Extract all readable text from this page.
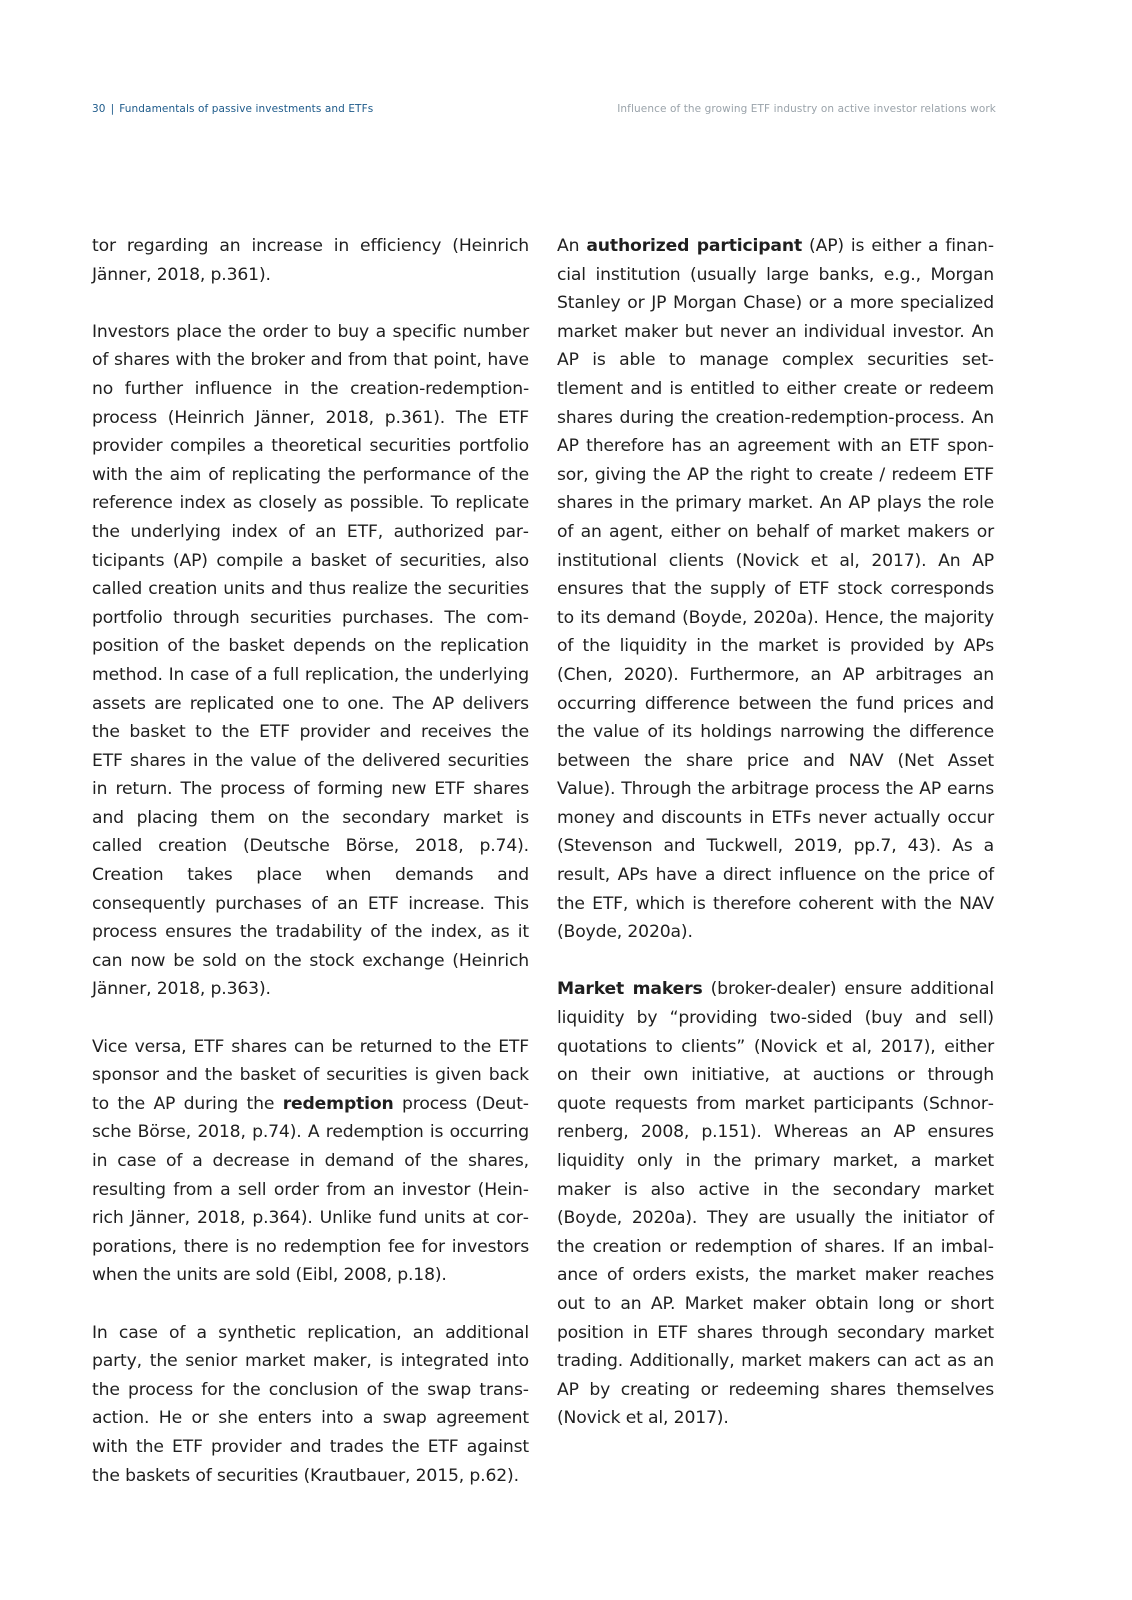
30 | Fundamentals of passive investments and ETFs	Influence of the growing ETF industry on active investor relations work

tor regarding an increase in efficiency (Heinrich Jänner, 2018, p.361).

Investors place the order to buy a specific number of shares with the broker and from that point, have no further influence in the creation-redemption-process (Heinrich Jänner, 2018, p.361). The ETF provider compiles a theoretical securities portfolio with the aim of replicating the performance of the reference index as closely as possible. To replicate the underlying index of an ETF, authorized participants (AP) compile a basket of securities, also called creation units and thus realize the securities portfolio through securities purchases. The composition of the basket depends on the replication method. In case of a full replication, the underlying assets are replicated one to one. The AP delivers the basket to the ETF provider and receives the ETF shares in the value of the delivered securities in return. The process of forming new ETF shares and placing them on the secondary market is called creation (Deutsche Börse, 2018, p.74). Creation takes place when demands and consequently purchases of an ETF increase. This process ensures the tradability of the index, as it can now be sold on the stock exchange (Heinrich Jänner, 2018, p.363).

Vice versa, ETF shares can be returned to the ETF sponsor and the basket of securities is given back to the AP during the redemption process (Deutsche Börse, 2018, p.74). A redemption is occurring in case of a decrease in demand of the shares, resulting from a sell order from an investor (Heinrich Jänner, 2018, p.364). Unlike fund units at corporations, there is no redemption fee for investors when the units are sold (Eibl, 2008, p.18).

In case of a synthetic replication, an additional party, the senior market maker, is integrated into the process for the conclusion of the swap transaction. He or she enters into a swap agreement with the ETF provider and trades the ETF against the baskets of securities (Krautbauer, 2015, p.62).

An authorized participant (AP) is either a financial institution (usually large banks, e.g., Morgan Stanley or JP Morgan Chase) or a more specialized market maker but never an individual investor. An AP is able to manage complex securities settlement and is entitled to either create or redeem shares during the creation-redemption-process. An AP therefore has an agreement with an ETF sponsor, giving the AP the right to create / redeem ETF shares in the primary market. An AP plays the role of an agent, either on behalf of market makers or institutional clients (Novick et al, 2017). An AP ensures that the supply of ETF stock corresponds to its demand (Boyde, 2020a). Hence, the majority of the liquidity in the market is provided by APs (Chen, 2020). Furthermore, an AP arbitrages an occurring difference between the fund prices and the value of its holdings narrowing the difference between the share price and NAV (Net Asset Value). Through the arbitrage process the AP earns money and discounts in ETFs never actually occur (Stevenson and Tuckwell, 2019, pp.7, 43). As a result, APs have a direct influence on the price of the ETF, which is therefore coherent with the NAV (Boyde, 2020a).

Market makers (broker-dealer) ensure additional liquidity by “providing two-sided (buy and sell) quotations to clients” (Novick et al, 2017), either on their own initiative, at auctions or through quote requests from market participants (Schnorrenberg, 2008, p.151). Whereas an AP ensures liquidity only in the primary market, a market maker is also active in the secondary market (Boyde, 2020a). They are usually the initiator of the creation or redemption of shares. If an imbalance of orders exists, the market maker reaches out to an AP. Market maker obtain long or short position in ETF shares through secondary market trading. Additionally, market makers can act as an AP by creating or redeeming shares themselves (Novick et al, 2017).
